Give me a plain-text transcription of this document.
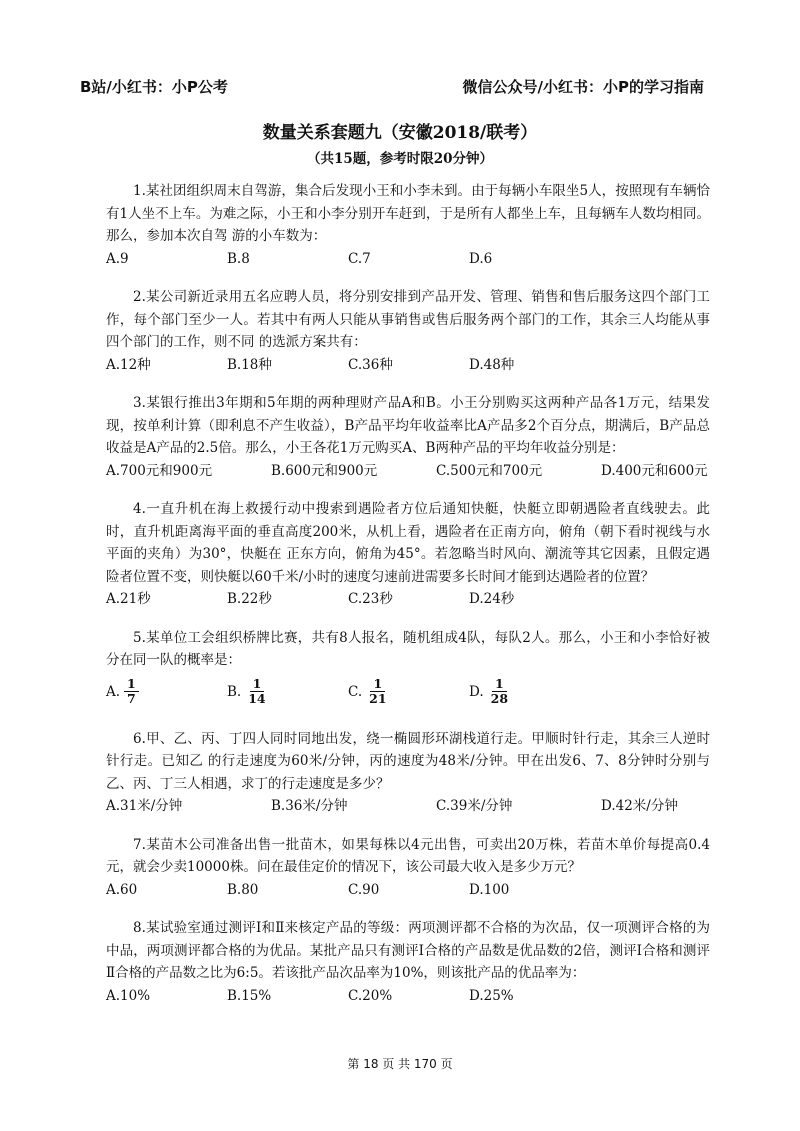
B站/小红书：小P公考	微信公众号/小红书：小P的学习指南
数量关系套题九（安徽2018/联考）
（共15题，参考时限20分钟）

1.某社团组织周末自驾游，集合后发现小王和小李未到。由于每辆小车限坐5人，按照现有车辆恰有1人坐不上车。为难之际，小王和小李分别开车赶到，于是所有人都坐上车，且每辆车人数均相同。那么，参加本次自驾 游的小车数为：

A.9	B.8	C.7	D.6

2.某公司新近录用五名应聘人员，将分别安排到产品开发、管理、销售和售后服务这四个部门工作，每个部门至少一人。若其中有两人只能从事销售或售后服务两个部门的工作，其余三人均能从事四个部门的工作，则不同 的选派方案共有：

A.12种	B.18种	C.36种	D.48种

3.某银行推出3年期和5年期的两种理财产品A和B。小王分别购买这两种产品各1万元，结果发现，按单利计算（即利息不产生收益），B产品平均年收益率比A产品多2个百分点，期满后，B产品总收益是A产品的2.5倍。那么，小王各花1万元购买A、B两种产品的平均年收益分别是：

A.700元和900元	B.600元和900元	C.500元和700元	D.400元和600元

4.一直升机在海上救援行动中搜索到遇险者方位后通知快艇，快艇立即朝遇险者直线驶去。此时，直升机距离海平面的垂直高度200米，从机上看，遇险者在正南方向，俯角（朝下看时视线与水平面的夹角）为30°，快艇在 正东方向，俯角为45°。若忽略当时风向、潮流等其它因素，且假定遇险者位置不变，则快艇以60千米/小时的速度匀速前进需要多长时间才能到达遇险者的位置？

A.21秒	B.22秒	C.23秒	D.24秒

5.某单位工会组织桥牌比赛，共有8人报名，随机组成4队，每队2人。那么，小王和小李恰好被分在同一队的概率是：

A. $\frac{1}{7}$	B. $\frac{1}{14}$	C. $\frac{1}{21}$	D. $\frac{1}{28}$

6.甲、乙、丙、丁四人同时同地出发，绕一椭圆形环湖栈道行走。甲顺时针行走，其余三人逆时针行走。已知乙 的行走速度为60米/分钟，丙的速度为48米/分钟。甲在出发6、7、8分钟时分别与乙、丙、丁三人相遇，求丁的行走速度是多少？

A.31米/分钟	B.36米/分钟	C.39米/分钟	D.42米/分钟

7.某苗木公司准备出售一批苗木，如果每株以4元出售，可卖出20万株，若苗木单价每提高0.4元，就会少卖10000株。问在最佳定价的情况下，该公司最大收入是多少万元？

A.60	B.80	C.90	D.100

8.某试验室通过测评Ⅰ和Ⅱ来核定产品的等级：两项测评都不合格的为次品，仅一项测评合格的为中品，两项测评都合格的为优品。某批产品只有测评Ⅰ合格的产品数是优品数的2倍，测评Ⅰ合格和测评Ⅱ合格的产品数之比为6:5。若该批产品次品率为10%，则该批产品的优品率为：

A.10%	B.15%	C.20%	D.25%
第 18 页 共 170 页
